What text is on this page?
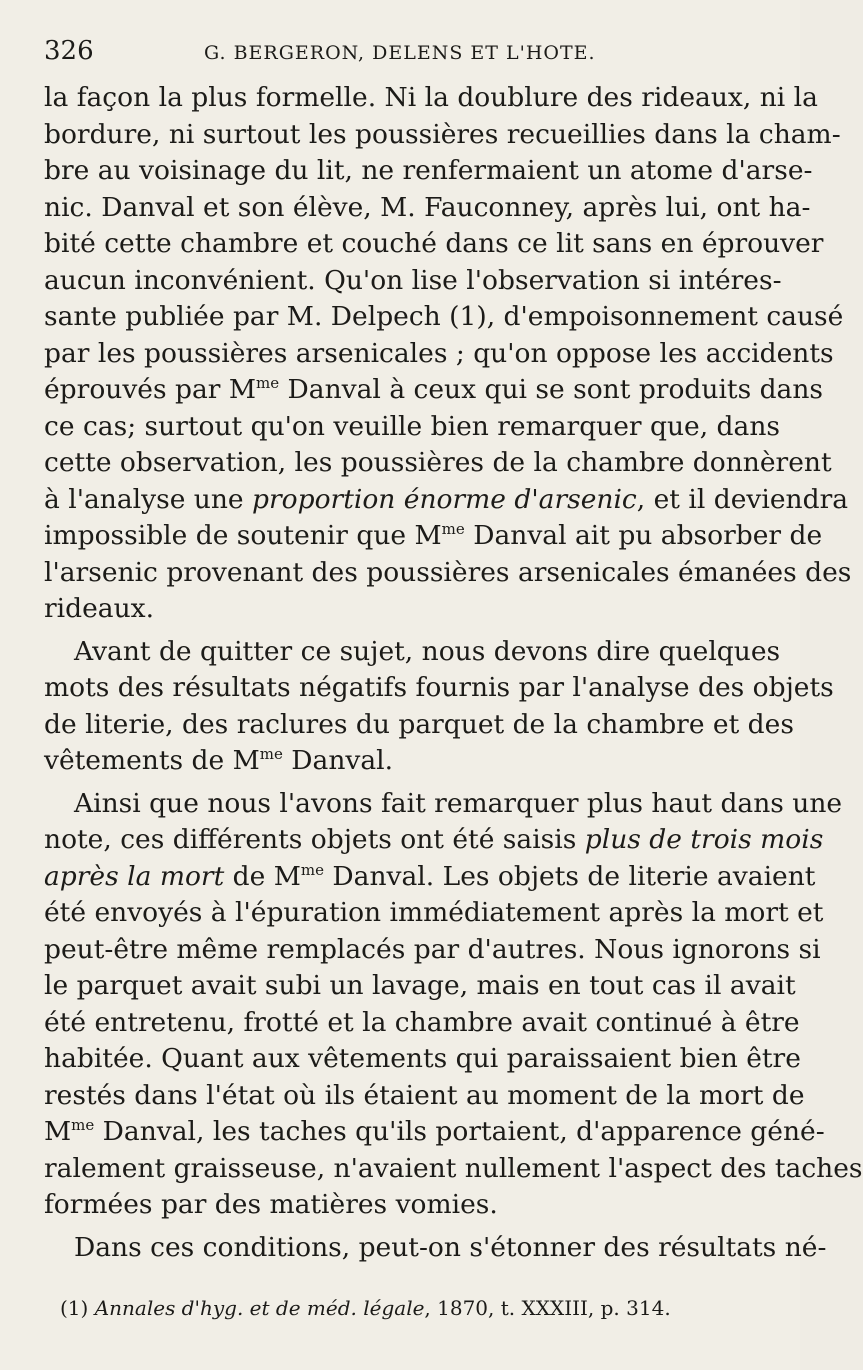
326	G. BERGERON, DELENS ET L'HOTE.
la façon la plus formelle. Ni la doublure des rideaux, ni la
bordure, ni surtout les poussières recueillies dans la cham-
bre au voisinage du lit, ne renfermaient un atome d'arse-
nic. Danval et son élève, M. Fauconney, après lui, ont ha-
bité cette chambre et couché dans ce lit sans en éprouver
aucun inconvénient. Qu'on lise l'observation si intéres-
sante publiée par M. Delpech (1), d'empoisonnement causé
par les poussières arsenicales ; qu'on oppose les accidents
éprouvés par $M^{me}$ Danval à ceux qui se sont produits dans
ce cas; surtout qu'on veuille bien remarquer que, dans
cette observation, les poussières de la chambre donnèrent
à l'analyse une proportion énorme d'arsenic, et il deviendra
impossible de soutenir que $M^{me}$ Danval ait pu absorber de
l'arsenic provenant des poussières arsenicales émanées des
rideaux.
Avant de quitter ce sujet, nous devons dire quelques
mots des résultats négatifs fournis par l'analyse des objets
de literie, des raclures du parquet de la chambre et des
vêtements de $M^{me}$ Danval.
Ainsi que nous l'avons fait remarquer plus haut dans une
note, ces différents objets ont été saisis plus de trois mois
après la mort de $M^{me}$ Danval. Les objets de literie avaient
été envoyés à l'épuration immédiatement après la mort et
peut-être même remplacés par d'autres. Nous ignorons si
le parquet avait subi un lavage, mais en tout cas il avait
été entretenu, frotté et la chambre avait continué à être
habitée. Quant aux vêtements qui paraissaient bien être
restés dans l'état où ils étaient au moment de la mort de
$M^{me}$ Danval, les taches qu'ils portaient, d'apparence géné-
ralement graisseuse, n'avaient nullement l'aspect des taches
formées par des matières vomies.
Dans ces conditions, peut-on s'étonner des résultats né-
(1) Annales d'hyg. et de méd. légale, 1870, t. XXXIII, p. 314.
